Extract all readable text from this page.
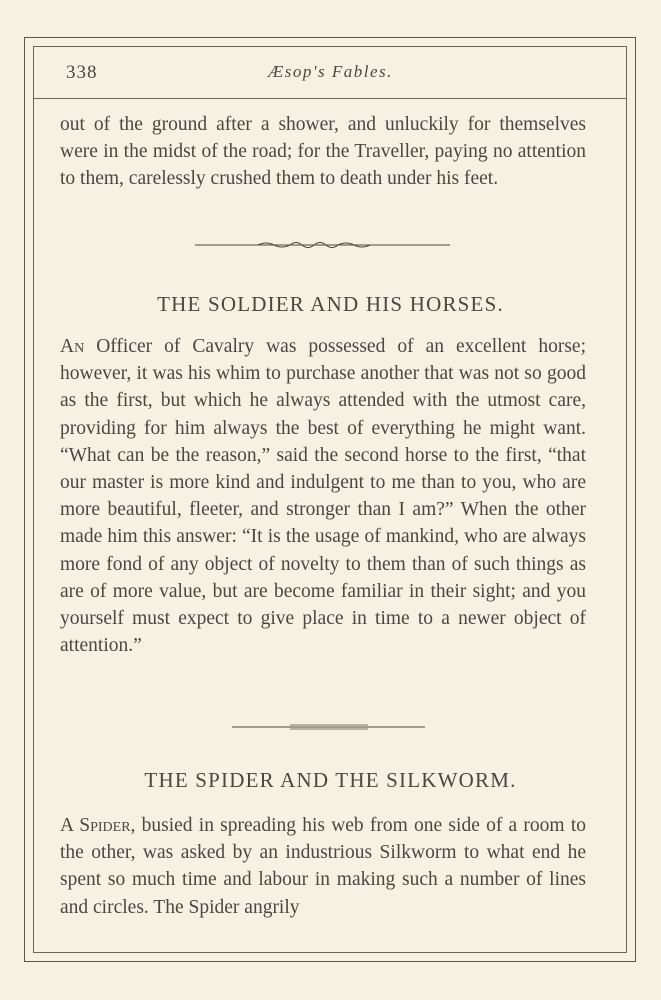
338	Æsop's Fables.

out of the ground after a shower, and unluckily for themselves were in the midst of the road; for the Traveller, paying no attention to them, carelessly crushed them to death under his feet.

THE SOLDIER AND HIS HORSES.

An Officer of Cavalry was possessed of an excellent horse; however, it was his whim to purchase another that was not so good as the first, but which he always attended with the utmost care, providing for him always the best of everything he might want. “What can be the reason,” said the second horse to the first, “that our master is more kind and indulgent to me than to you, who are more beautiful, fleeter, and stronger than I am?” When the other made him this answer: “It is the usage of mankind, who are always more fond of any object of novelty to them than of such things as are of more value, but are become familiar in their sight; and you yourself must expect to give place in time to a newer object of attention.”

THE SPIDER AND THE SILKWORM.

A Spider, busied in spreading his web from one side of a room to the other, was asked by an industrious Silkworm to what end he spent so much time and labour in making such a number of lines and circles. The Spider angrily
